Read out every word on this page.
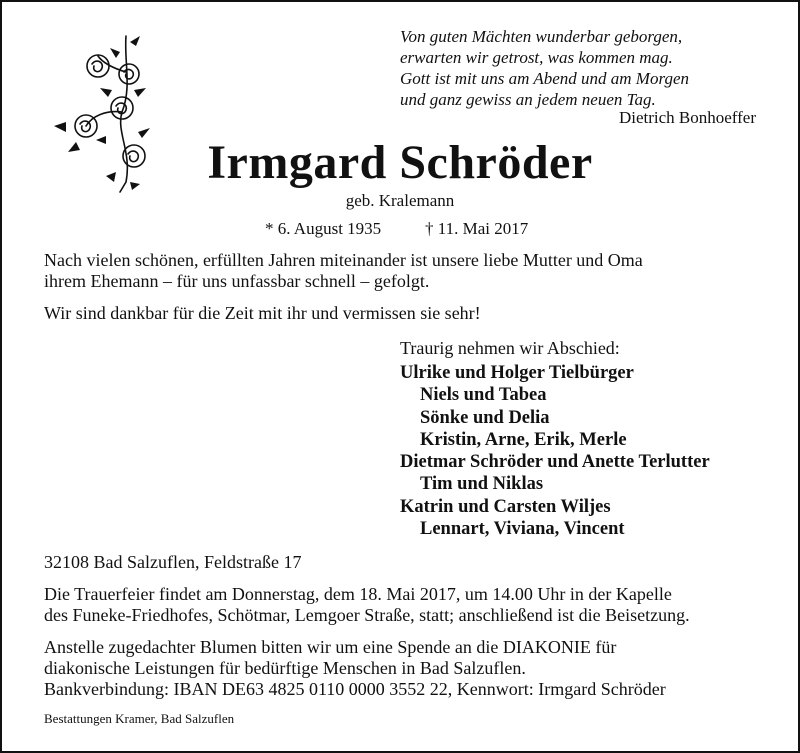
Von guten Mächten wunderbar geborgen,
erwarten wir getrost, was kommen mag.
Gott ist mit uns am Abend und am Morgen
und ganz gewiss an jedem neuen Tag.
Dietrich Bonhoeffer
Irmgard Schröder
geb. Kralemann
* 6. August 1935	† 11. Mai 2017
Nach vielen schönen, erfüllten Jahren miteinander ist unsere liebe Mutter und Oma
ihrem Ehemann – für uns unfassbar schnell – gefolgt.
Wir sind dankbar für die Zeit mit ihr und vermissen sie sehr!
Traurig nehmen wir Abschied:
Ulrike und Holger Tielbürger
Niels und Tabea
Sönke und Delia
Kristin, Arne, Erik, Merle
Dietmar Schröder und Anette Terlutter
Tim und Niklas
Katrin und Carsten Wiljes
Lennart, Viviana, Vincent
32108 Bad Salzuflen, Feldstraße 17
Die Trauerfeier findet am Donnerstag, dem 18. Mai 2017, um 14.00 Uhr in der Kapelle
des Funeke-Friedhofes, Schötmar, Lemgoer Straße, statt; anschließend ist die Beisetzung.
Anstelle zugedachter Blumen bitten wir um eine Spende an die DIAKONIE für
diakonische Leistungen für bedürftige Menschen in Bad Salzuflen.
Bankverbindung: IBAN DE63 4825 0110 0000 3552 22, Kennwort: Irmgard Schröder
Bestattungen Kramer, Bad Salzuflen
